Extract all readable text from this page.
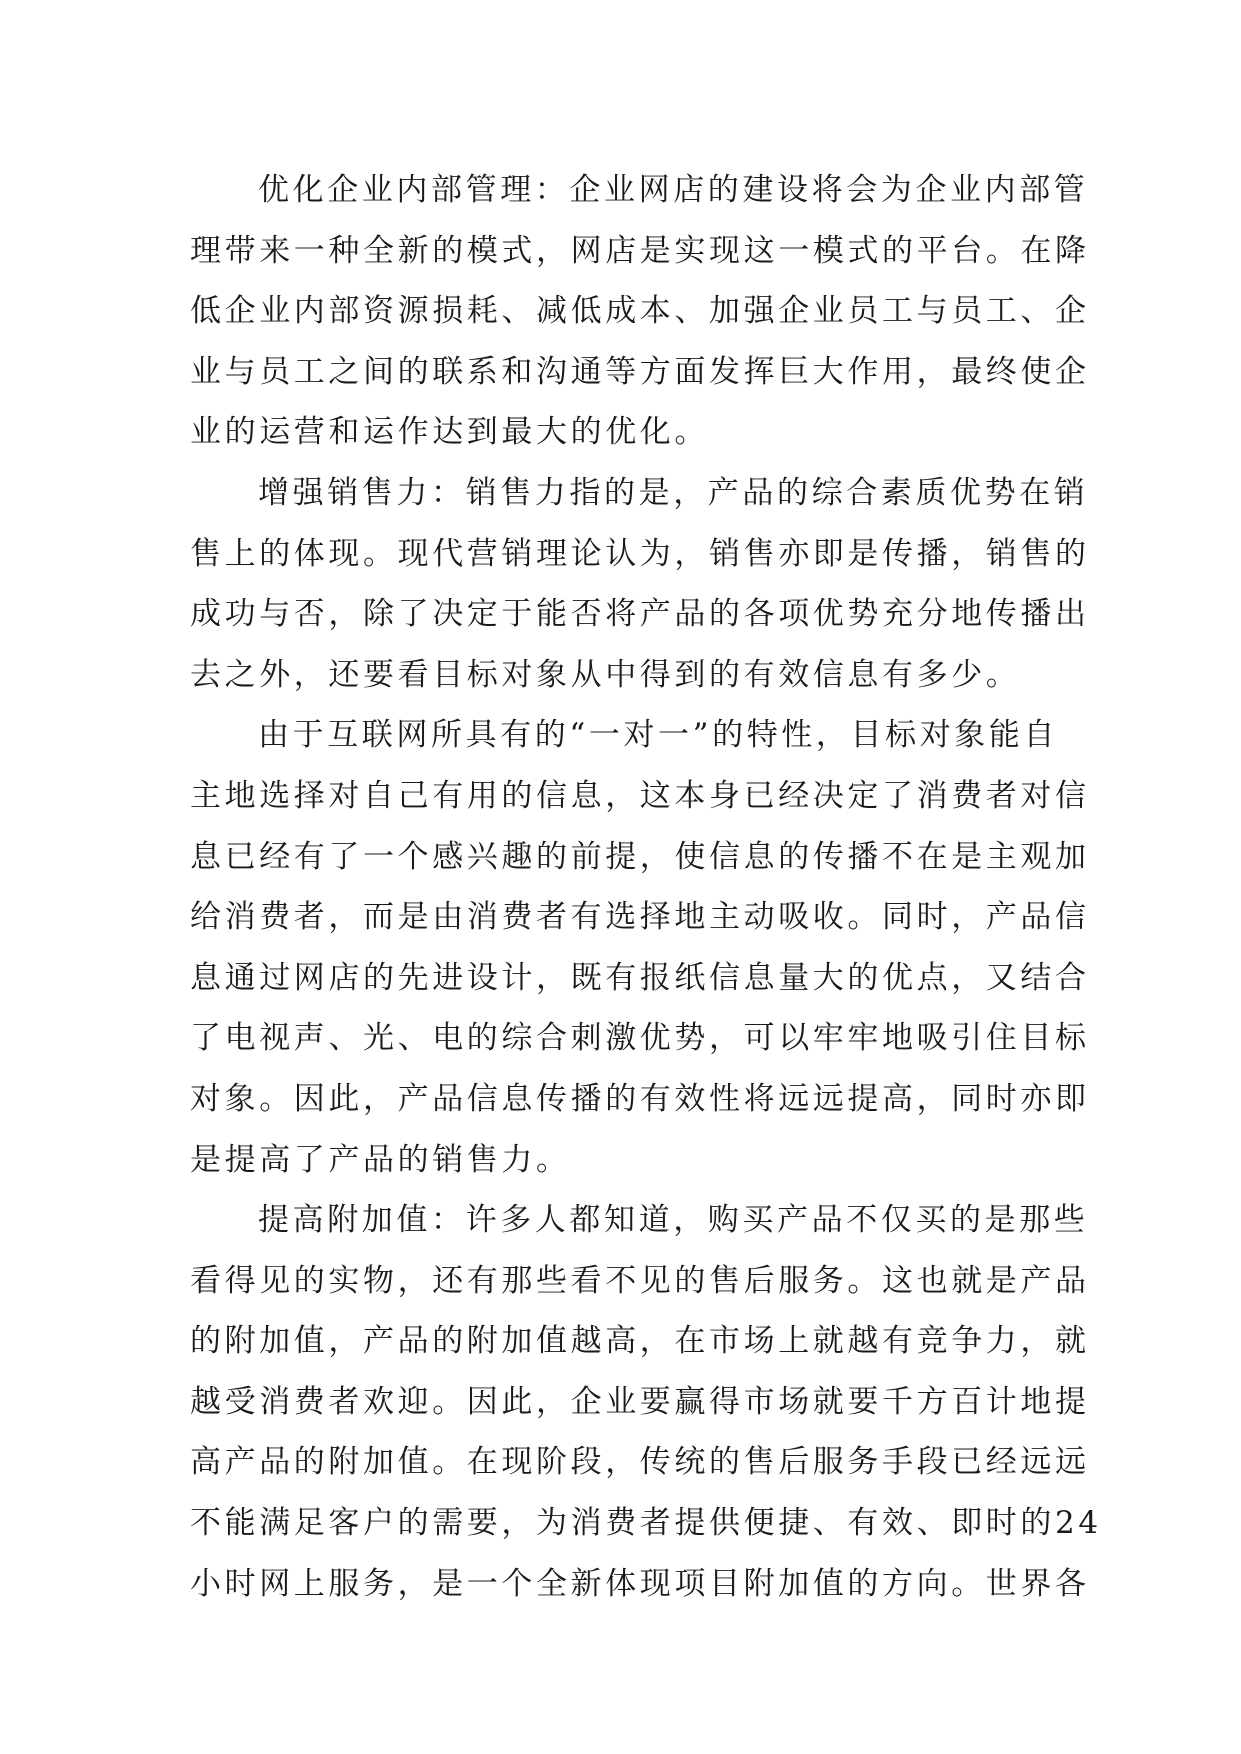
优化企业内部管理：企业网店的建设将会为企业内部管
理带来一种全新的模式，网店是实现这一模式的平台。在降
低企业内部资源损耗、减低成本、加强企业员工与员工、企
业与员工之间的联系和沟通等方面发挥巨大作用，最终使企
业的运营和运作达到最大的优化。

增强销售力：销售力指的是，产品的综合素质优势在销
售上的体现。现代营销理论认为，销售亦即是传播，销售的
成功与否，除了决定于能否将产品的各项优势充分地传播出
去之外，还要看目标对象从中得到的有效信息有多少。

由于互联网所具有的“一对一”的特性，目标对象能自
主地选择对自己有用的信息，这本身已经决定了消费者对信
息已经有了一个感兴趣的前提，使信息的传播不在是主观加
给消费者，而是由消费者有选择地主动吸收。同时，产品信
息通过网店的先进设计，既有报纸信息量大的优点，又结合
了电视声、光、电的综合刺激优势，可以牢牢地吸引住目标
对象。因此，产品信息传播的有效性将远远提高，同时亦即
是提高了产品的销售力。

提高附加值：许多人都知道，购买产品不仅买的是那些
看得见的实物，还有那些看不见的售后服务。这也就是产品
的附加值，产品的附加值越高，在市场上就越有竞争力，就
越受消费者欢迎。因此，企业要赢得市场就要千方百计地提
高产品的附加值。在现阶段，传统的售后服务手段已经远远
不能满足客户的需要，为消费者提供便捷、有效、即时的24
小时网上服务，是一个全新体现项目附加值的方向。世界各
